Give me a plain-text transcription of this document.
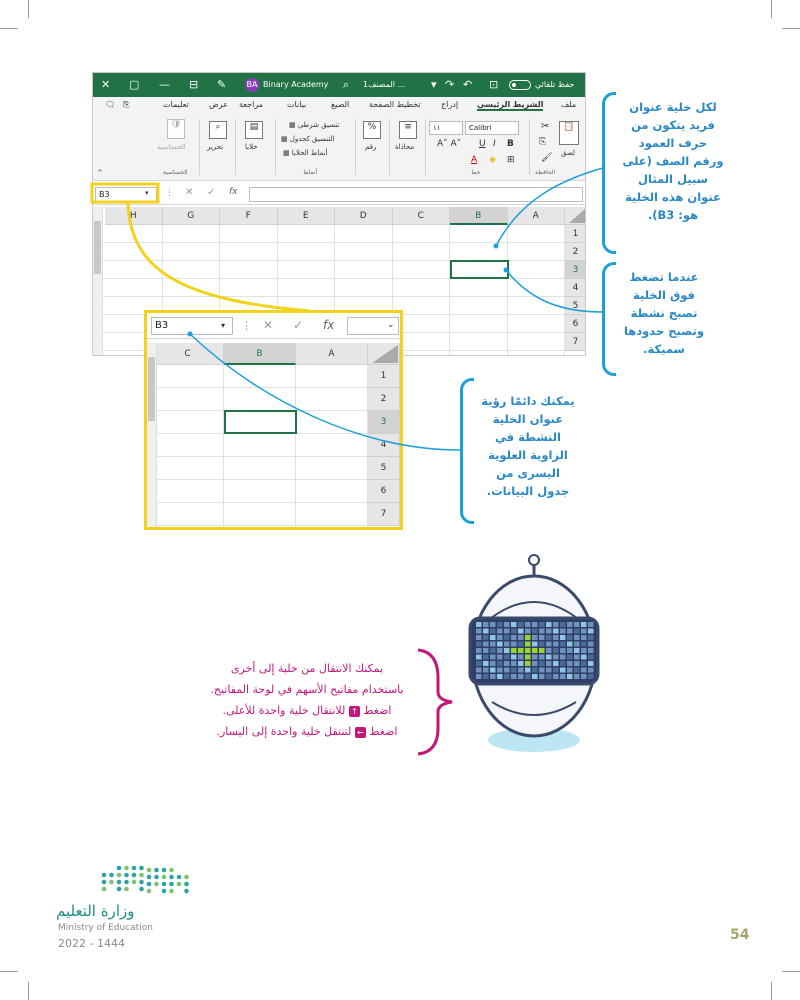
✕ ▢ — ⊟ ✎	BA Binary Academy ⌕ المصنف1 ... ▾ ↷ ↶ ⊡	حفظ تلقائي
🗨 ⎘	تعليمات	عرض مراجعة	بيانات	الصيغ تخطيط الصفحة	إدراج الشريط الرئيسي ملف
📋
لصق
✂
⎘
🖌
الحافظة
Calibri
١١
B
I
U
A˄ A˅
⊞
◈
A
خط
≡
محاذاة
%
رقم
▦ تنسيق شرطي
▦ التنسيق كجدول
▦ أنماط الخلايا
أنماط
▤
خلايا
⌕
تحرير
🛡
الحساسية
الحساسية
^
B3	▾ ⋮ ✕ ✓ fx
H	G	F	E	D	C	B	A
1
2
3
4
5
6
7
B3	▾ ⋮ ✕ ✓ fx	⌄
C	B	A
1
2
3
4
5
6
7
لكل خلية عنوان
فريد يتكون من
حرف العمود
ورقم الصف (على
سبيل المثال
عنوان هذه الخلية
هو: B3).
عندما تضغط
فوق الخلية
تصبح نشطة
وتصبح حدودها
سميكة.
يمكنك دائمًا رؤية
عنوان الخلية
النشطة في
الزاوية العلوية
اليسرى من
جدول البيانات.
يمكنك الانتقال من خلية إلى أخرى
باستخدام مفاتيح الأسهم في لوحة المفاتيح.
اضغط ↑ للانتقال خلية واحدة للأعلى.
اضغط ← لتنتقل خلية واحدة إلى اليسار.
وزارة التعليم
Ministry of Education
2022 - 1444
54
